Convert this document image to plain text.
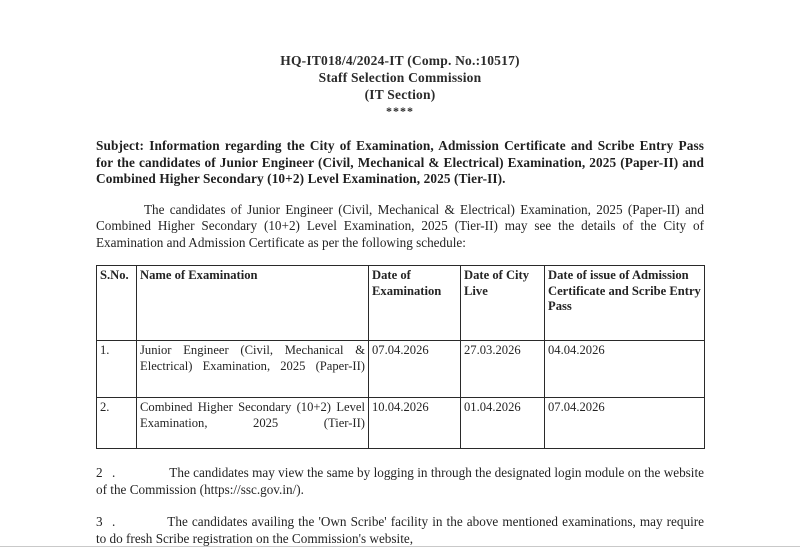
HQ-IT018/4/2024-IT (Comp. No.:10517)
Staff Selection Commission
(IT Section)
****
Subject: Information regarding the City of Examination, Admission Certificate and Scribe Entry Pass for the candidates of Junior Engineer (Civil, Mechanical & Electrical) Examination, 2025 (Paper-II) and Combined Higher Secondary (10+2) Level Examination, 2025 (Tier-II).
The candidates of Junior Engineer (Civil, Mechanical & Electrical) Examination, 2025 (Paper-II) and Combined Higher Secondary (10+2) Level Examination, 2025 (Tier-II) may see the details of the City of Examination and Admission Certificate as per the following schedule:
S.No.	Name of Examination	Date of Examination	Date of City Live	Date of issue of Admission Certificate and Scribe Entry Pass
1.	Junior Engineer (Civil, Mechanical & Electrical) Examination, 2025 (Paper-II)	07.04.2026	27.03.2026	04.04.2026
2.	Combined Higher Secondary (10+2) Level Examination, 2025 (Tier-II)	10.04.2026	01.04.2026	07.04.2026
2 .	The candidates may view the same by logging in through the designated login module on the website of the Commission (https://ssc.gov.in/).
3 .	The candidates availing the 'Own Scribe' facility in the above mentioned examinations, may require to do fresh Scribe registration on the Commission's website,
